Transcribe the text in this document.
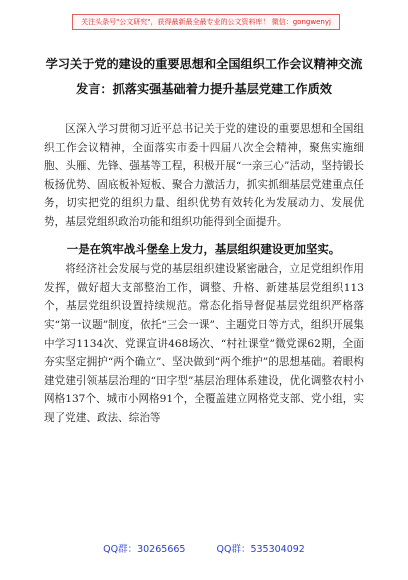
关注头条号"公文研究"，获得最新最全最专业的公文资料库！ 微信：gongwenyj
学习关于党的建设的重要思想和全国组织工作会议精神交流发言：抓落实强基础着力提升基层党建工作质效

区深入学习贯彻习近平总书记关于党的建设的重要思想和全国组织工作会议精神，全面落实市委十四届八次全会精神，聚焦实施细胞、头雁、先锋、强基等工程，积极开展“一亲三心”活动，坚持锻长板扬优势、固底板补短板、聚合力激活力，抓实抓细基层党建重点任务，切实把党的组织力量、组织优势有效转化为发展动力、发展优势，基层党组织政治功能和组织功能得到全面提升。

一是在筑牢战斗堡垒上发力，基层组织建设更加坚实。

将经济社会发展与党的基层组织建设紧密融合，立足党组织作用发挥，做好超大支部整治工作，调整、升格、新建基层党组织113个，基层党组织设置持续规范。常态化指导督促基层党组织严格落实“第一议题”制度，依托“三会一课”、主题党日等方式，组织开展集中学习1134次、党课宣讲468场次、“村社课堂”微党课62期，全面夯实坚定拥护“两个确立”、坚决做到“两个维护”的思想基础。着眼构建党建引领基层治理的“田字型”基层治理体系建设，优化调整农村小网格137个、城市小网格91个，全覆盖建立网格党支部、党小组，实现了党建、政法、综治等

QQ群：30265665	QQ群：535304092
